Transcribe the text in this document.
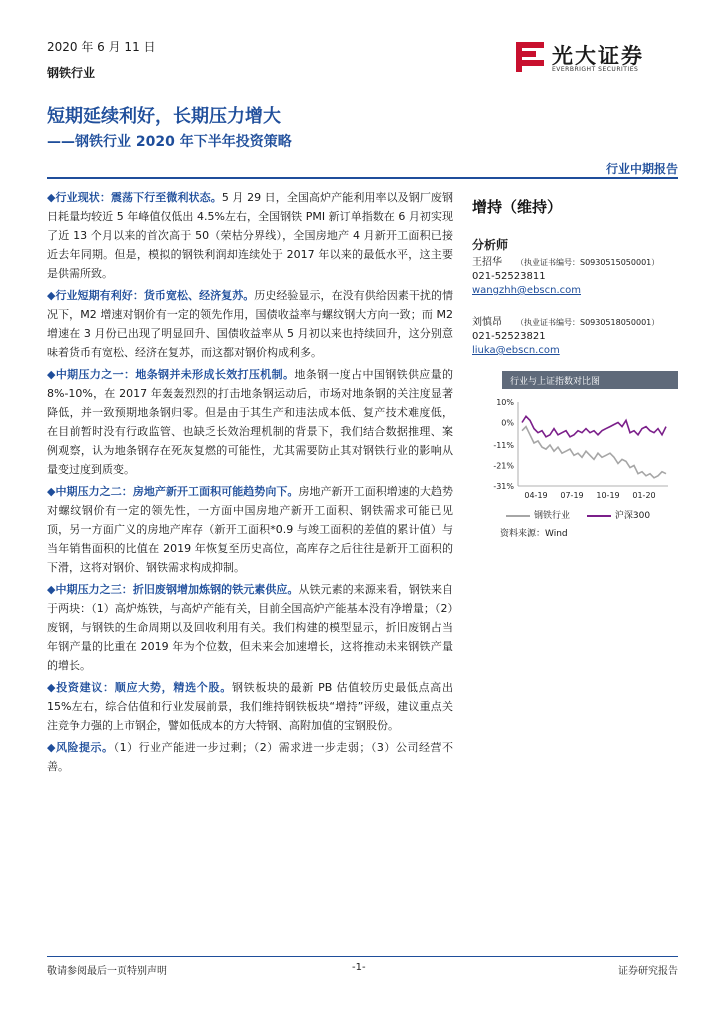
2020 年 6 月 11 日
钢铁行业
光大证券
EVERBRIGHT SECURITIES
短期延续利好，长期压力增大
——钢铁行业 2020 年下半年投资策略
行业中期报告

◆行业现状：震荡下行至微利状态。5 月 29 日，全国高炉产能利用率以及钢厂废钢日耗量均较近 5 年峰值仅低出 4.5%左右，全国钢铁 PMI 新订单指数在 6 月初实现了近 13 个月以来的首次高于 50（荣枯分界线），全国房地产 4 月新开工面积已接近去年同期。但是，模拟的钢铁利润却连续处于 2017 年以来的最低水平，这主要是供需所致。

◆行业短期有利好：货币宽松、经济复苏。历史经验显示，在没有供给因素干扰的情况下，M2 增速对钢价有一定的领先作用，国债收益率与螺纹钢大方向一致；而 M2 增速在 3 月份已出现了明显回升、国债收益率从 5 月初以来也持续回升，这分别意味着货币有宽松、经济在复苏，而这都对钢价构成利多。

◆中期压力之一：地条钢并未形成长效打压机制。地条钢一度占中国钢铁供应量的 8%-10%，在 2017 年轰轰烈烈的打击地条钢运动后，市场对地条钢的关注度显著降低，并一致预期地条钢归零。但是由于其生产和违法成本低、复产技术难度低，在目前暂时没有行政监管、也缺乏长效治理机制的背景下，我们结合数据推理、案例观察，认为地条钢存在死灰复燃的可能性，尤其需要防止其对钢铁行业的影响从量变过度到质变。

◆中期压力之二：房地产新开工面积可能趋势向下。房地产新开工面积增速的大趋势对螺纹钢价有一定的领先性，一方面中国房地产新开工面积、钢铁需求可能已见顶，另一方面广义的房地产库存（新开工面积*0.9 与竣工面积的差值的累计值）与当年销售面积的比值在 2019 年恢复至历史高位，高库存之后往往是新开工面积的下滑，这将对钢价、钢铁需求构成抑制。

◆中期压力之三：折旧废钢增加炼钢的铁元素供应。从铁元素的来源来看，钢铁来自于两块：（1）高炉炼铁，与高炉产能有关，目前全国高炉产能基本没有净增量；（2）废钢，与钢铁的生命周期以及回收利用有关。我们构建的模型显示，折旧废钢占当年钢产量的比重在 2019 年为个位数，但未来会加速增长，这将推动未来钢铁产量的增长。

◆投资建议：顺应大势，精选个股。钢铁板块的最新 PB 估值较历史最低点高出 15%左右，综合估值和行业发展前景，我们维持钢铁板块“增持”评级，建议重点关注竞争力强的上市钢企，譬如低成本的方大特钢、高附加值的宝钢股份。

◆风险提示。（1）行业产能进一步过剩；（2）需求进一步走弱；（3）公司经营不善。

增持（维持）
分析师
王招华 （执业证书编号：S0930515050001）
021-52523811
wangzhh@ebscn.com
刘慎昂 （执业证书编号：S0930518050001）
021-52523821
liuka@ebscn.com
行业与上证指数对比图
10%
0%
-11%
-21%
-31%
04-19 07-19 10-19 01-20
钢铁行业	沪深300
资料来源：Wind
敬请参阅最后一页特别声明	-1-	证券研究报告
